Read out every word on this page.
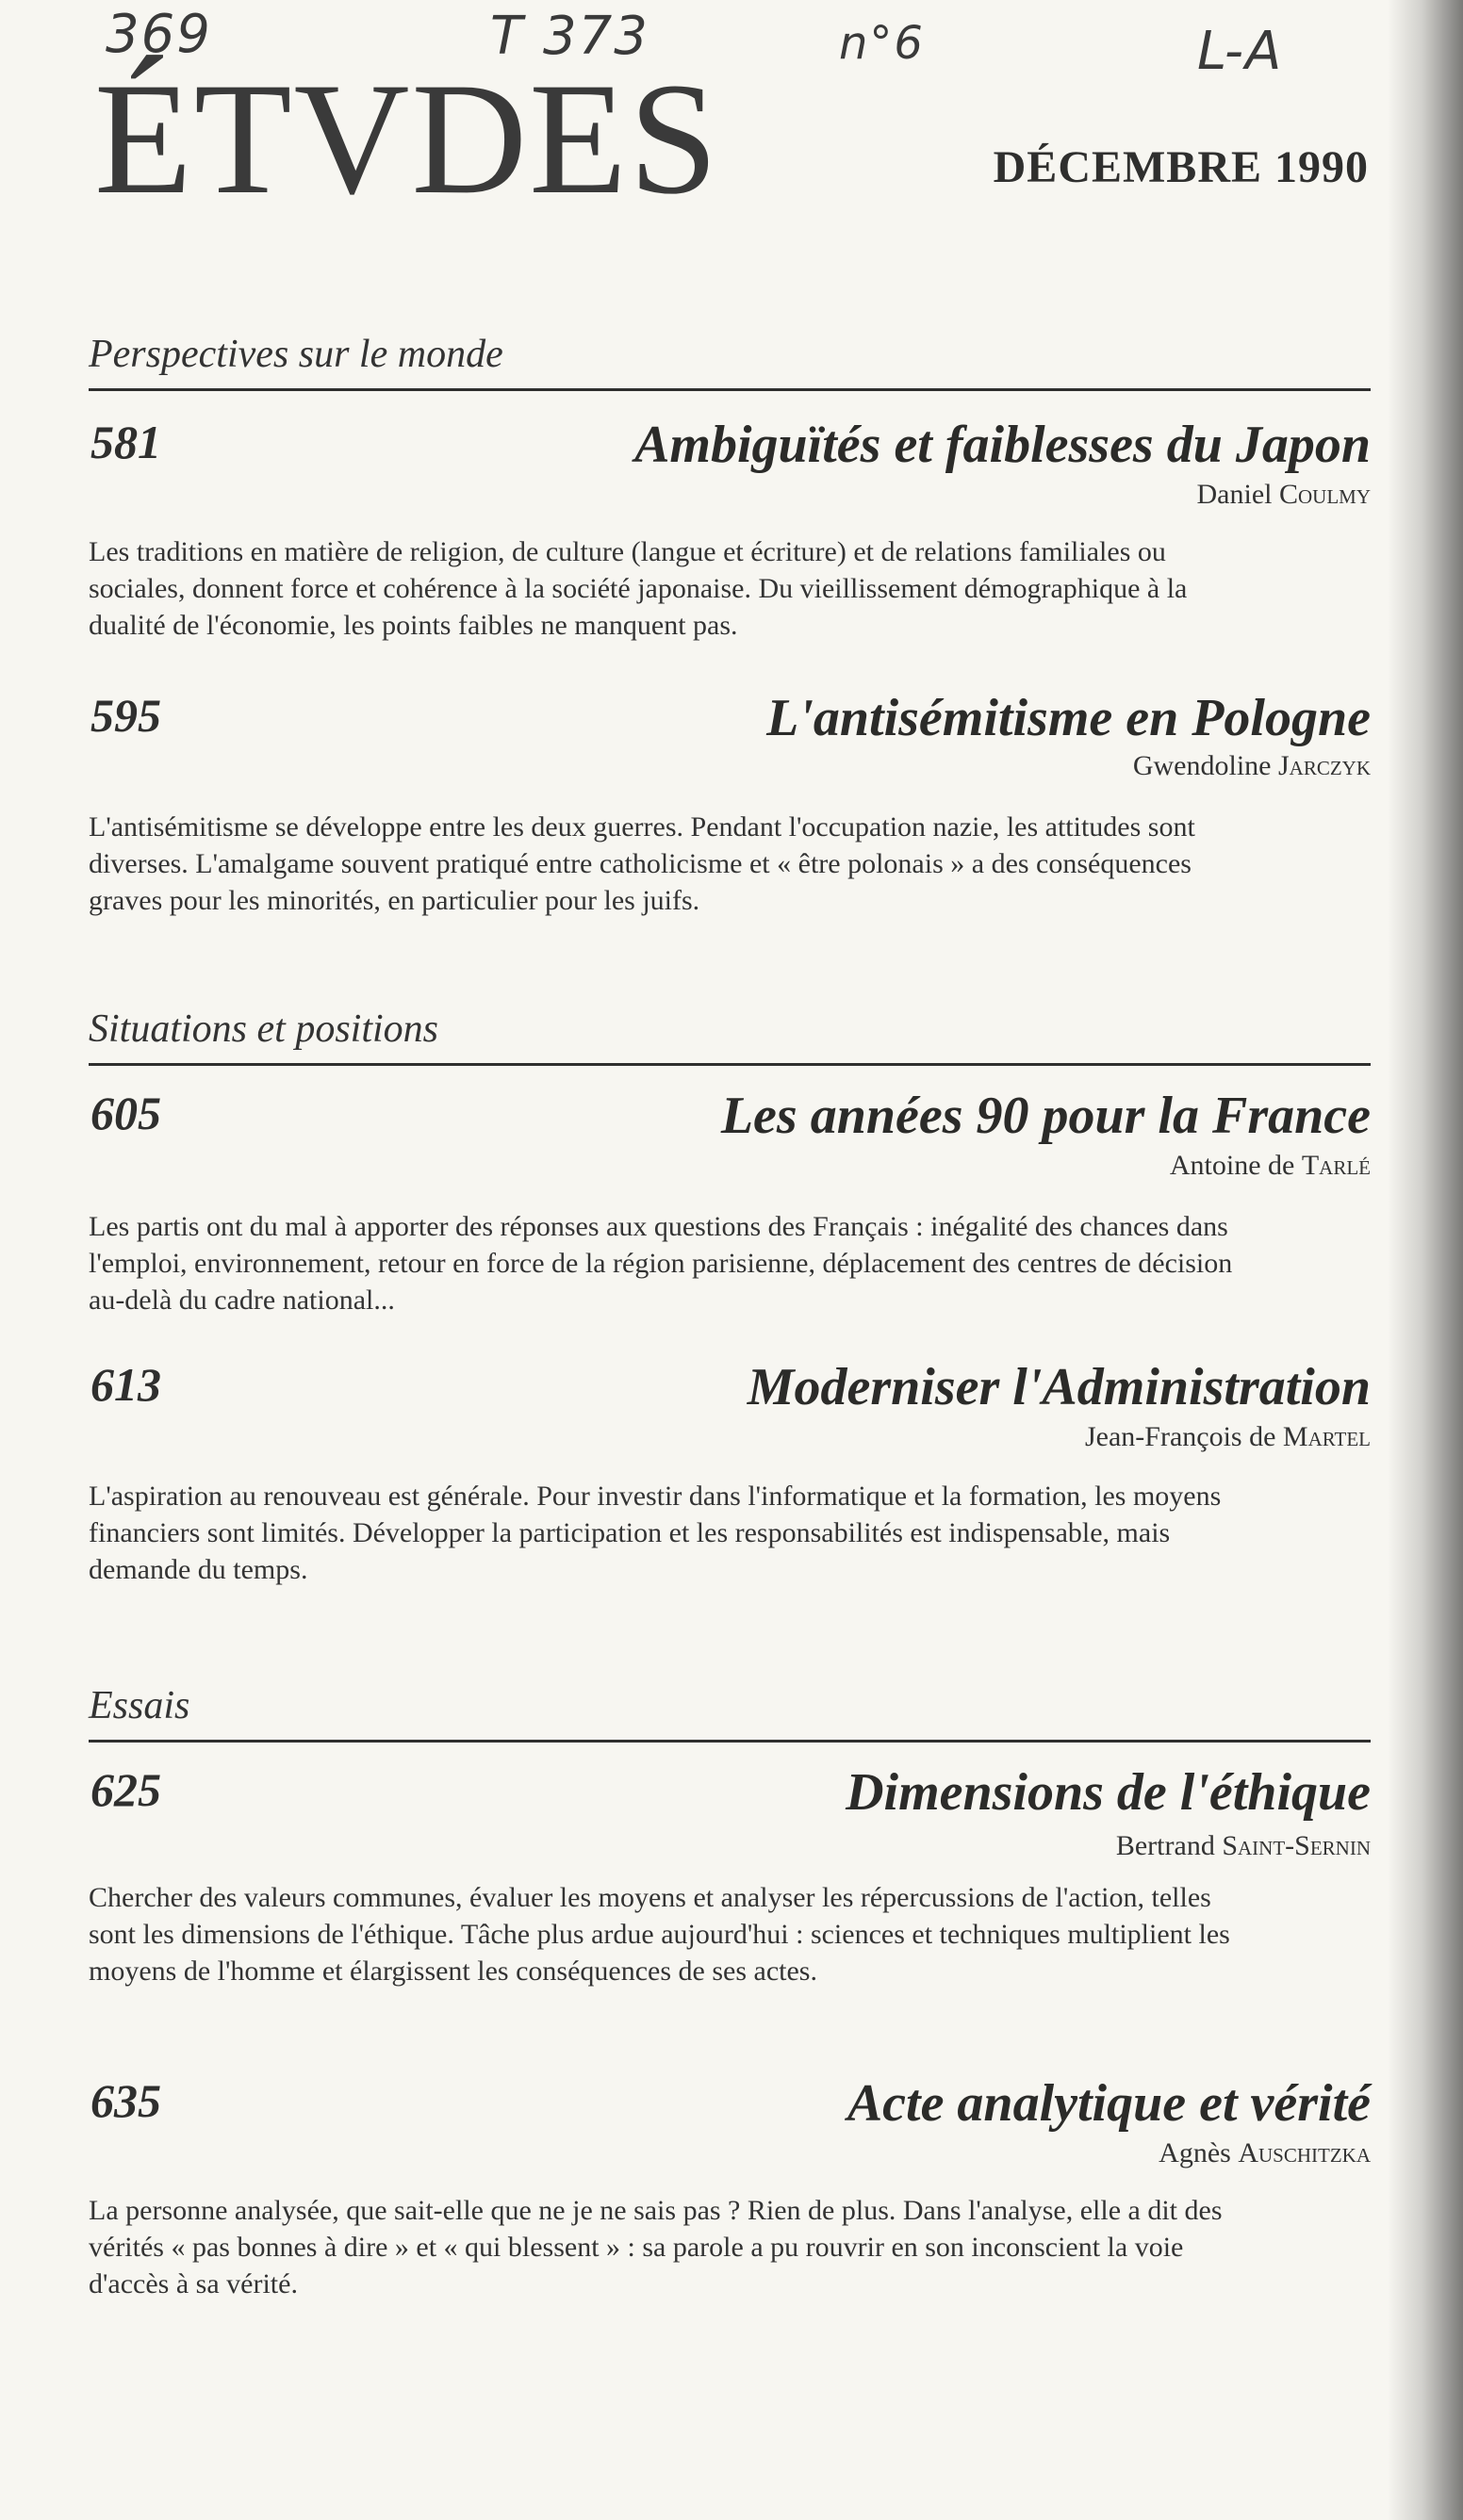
369	T 373	n°6	L-A
ÉTVDES	DÉCEMBRE 1990
Perspectives sur le monde
581	Ambiguïtés et faiblesses du Japon
Daniel Coulmy
Les traditions en matière de religion, de culture (langue et écriture) et de relations familiales ou sociales, donnent force et cohérence à la société japonaise. Du vieillissement démographique à la dualité de l'économie, les points faibles ne manquent pas.
595	L'antisémitisme en Pologne
Gwendoline Jarczyk
L'antisémitisme se développe entre les deux guerres. Pendant l'occupation nazie, les attitudes sont diverses. L'amalgame souvent pratiqué entre catholicisme et « être polonais » a des conséquences graves pour les minorités, en particulier pour les juifs.
Situations et positions
605	Les années 90 pour la France
Antoine de Tarlé
Les partis ont du mal à apporter des réponses aux questions des Français : inégalité des chances dans l'emploi, environnement, retour en force de la région parisienne, déplacement des centres de décision au-delà du cadre national...
613	Moderniser l'Administration
Jean-François de Martel
L'aspiration au renouveau est générale. Pour investir dans l'informatique et la formation, les moyens financiers sont limités. Développer la participation et les responsabilités est indispensable, mais demande du temps.
Essais
625	Dimensions de l'éthique
Bertrand Saint-Sernin
Chercher des valeurs communes, évaluer les moyens et analyser les répercussions de l'action, telles sont les dimensions de l'éthique. Tâche plus ardue aujourd'hui : sciences et techniques multiplient les moyens de l'homme et élargissent les conséquences de ses actes.
635	Acte analytique et vérité
Agnès Auschitzka
La personne analysée, que sait-elle que ne je ne sais pas ? Rien de plus. Dans l'analyse, elle a dit des vérités « pas bonnes à dire » et « qui blessent » : sa parole a pu rouvrir en son inconscient la voie d'accès à sa vérité.
